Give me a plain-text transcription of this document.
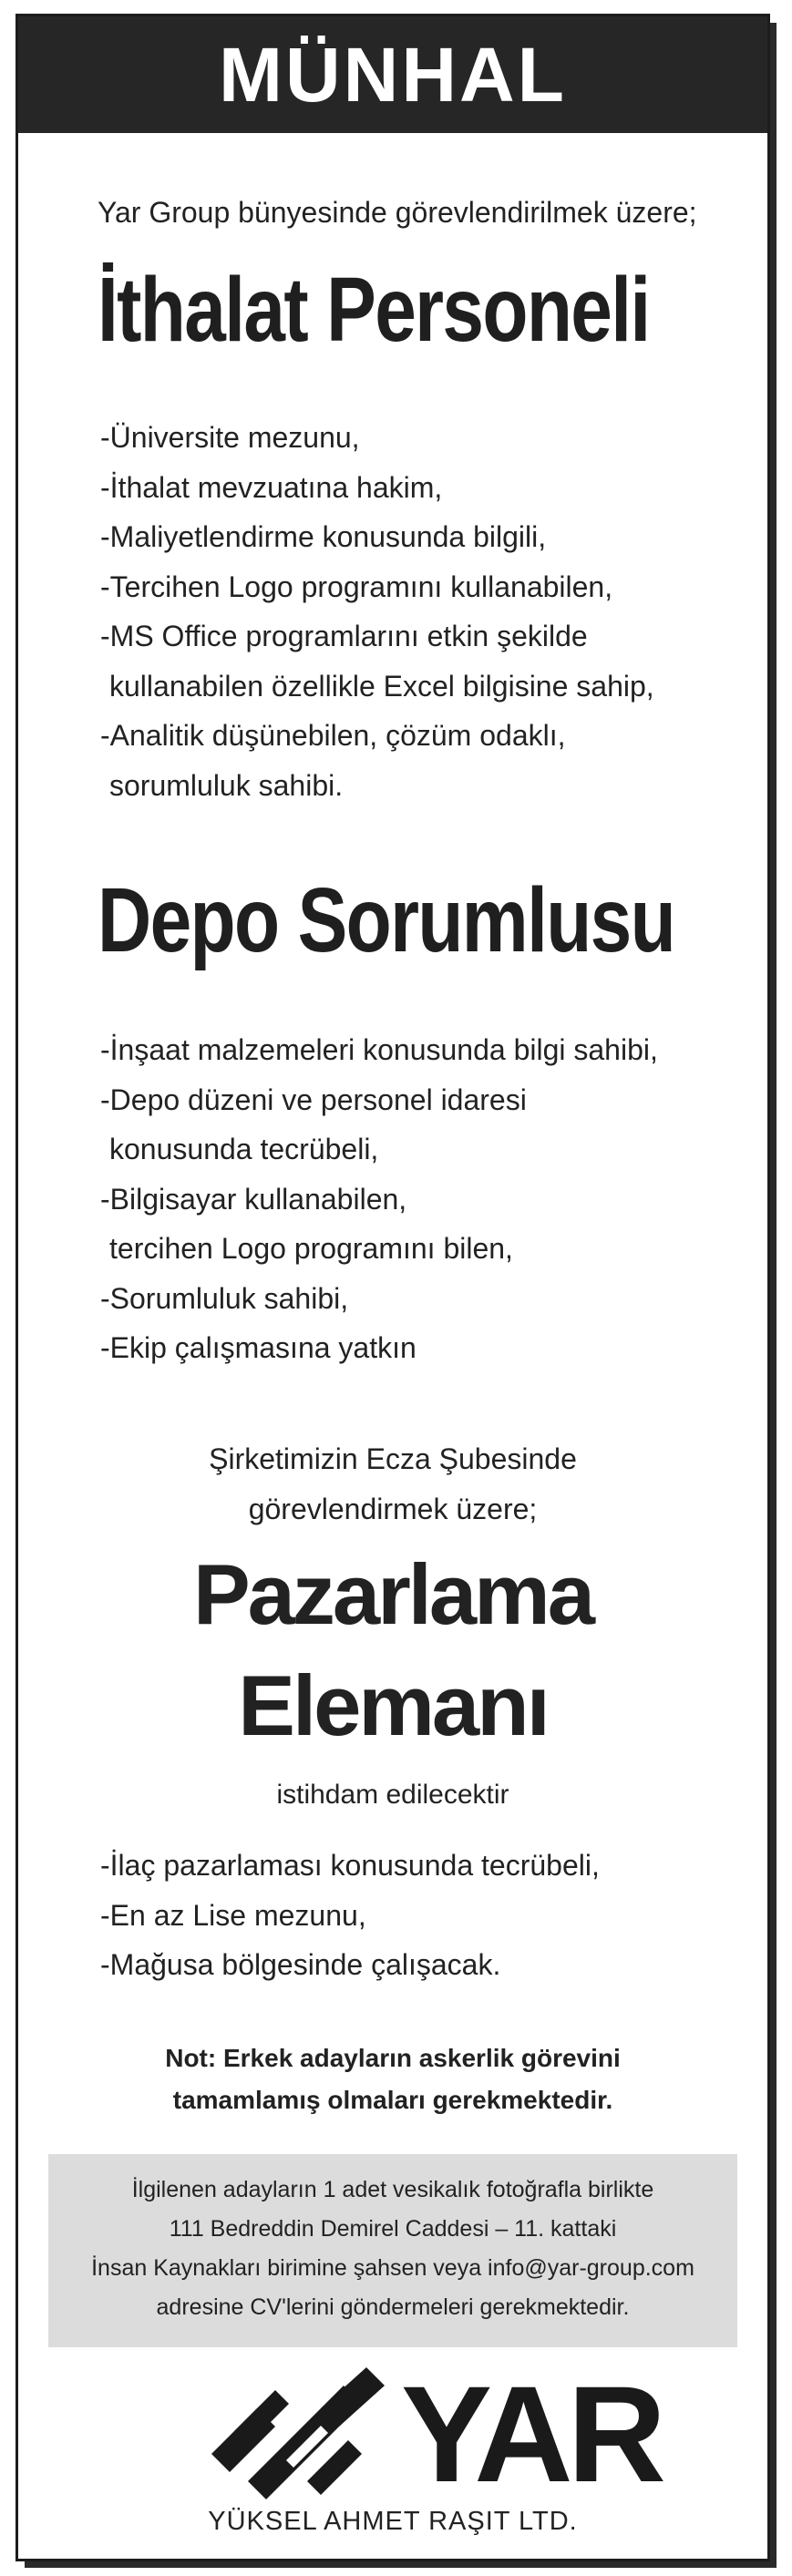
MÜNHAL
Yar Group bünyesinde görevlendirilmek üzere;
İthalat Personeli
-Üniversite mezunu,
-İthalat mevzuatına hakim,
-Maliyetlendirme konusunda bilgili,
-Tercihen Logo programını kullanabilen,
-MS Office programlarını etkin şekilde
kullanabilen özellikle Excel bilgisine sahip,
-Analitik düşünebilen, çözüm odaklı,
sorumluluk sahibi.
Depo Sorumlusu
-İnşaat malzemeleri konusunda bilgi sahibi,
-Depo düzeni ve personel idaresi
konusunda tecrübeli,
-Bilgisayar kullanabilen,
tercihen Logo programını bilen,
-Sorumluluk sahibi,
-Ekip çalışmasına yatkın
Şirketimizin Ecza Şubesinde
görevlendirmek üzere;
Pazarlama
Elemanı
istihdam edilecektir
-İlaç pazarlaması konusunda tecrübeli,
-En az Lise mezunu,
-Mağusa bölgesinde çalışacak.
Not: Erkek adayların askerlik görevini
tamamlamış olmaları gerekmektedir.
İlgilenen adayların 1 adet vesikalık fotoğrafla birlikte
111 Bedreddin Demirel Caddesi – 11. kattaki
İnsan Kaynakları birimine şahsen veya info@yar-group.com
adresine CV'lerini göndermeleri gerekmektedir.
YAR
YÜKSEL AHMET RAŞIT LTD.
